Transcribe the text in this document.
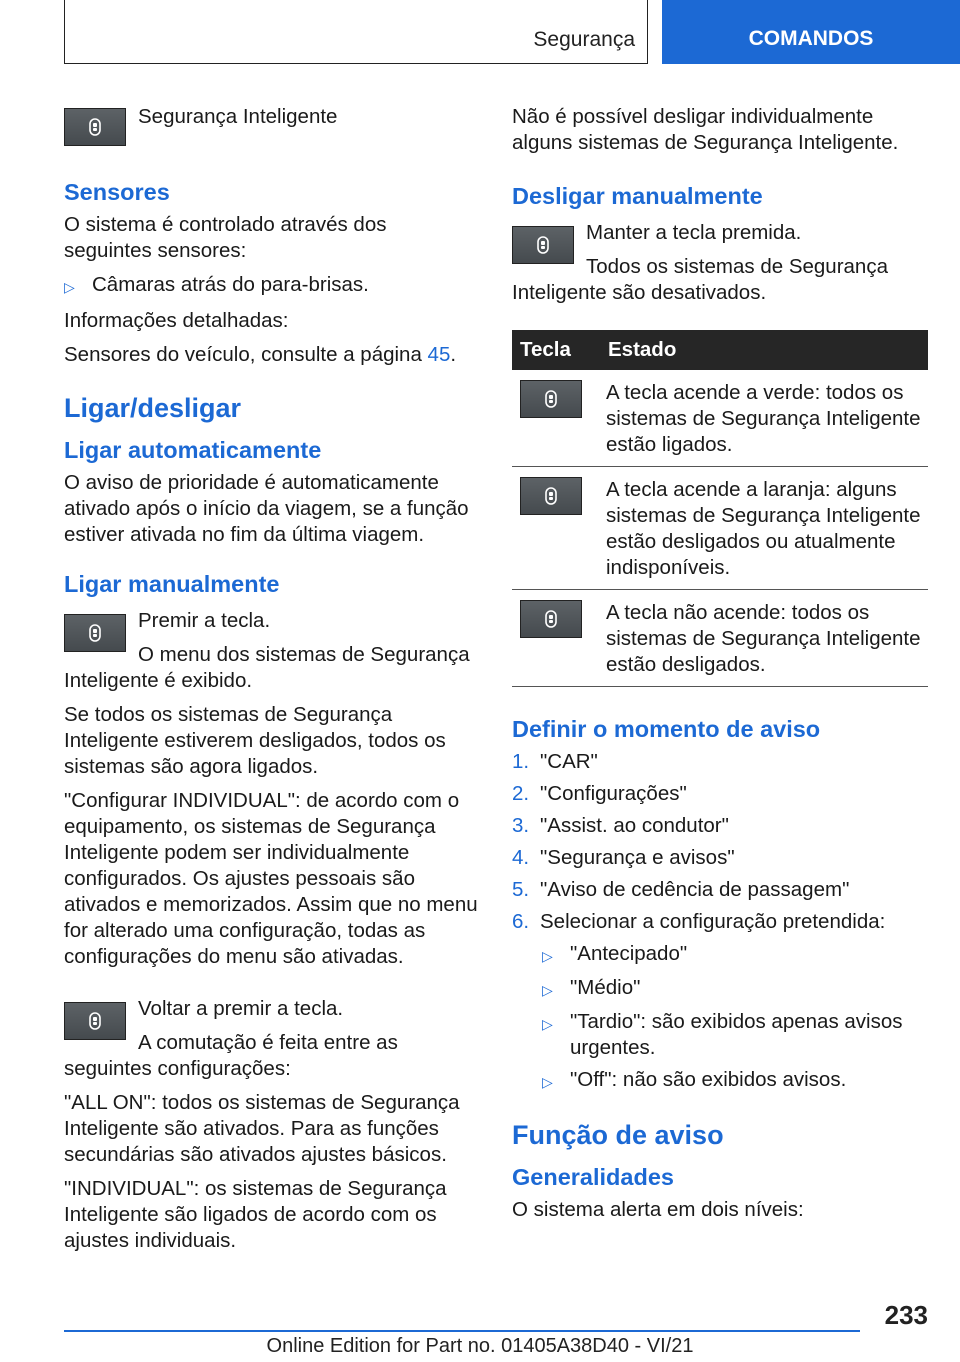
Segurança	COMANDOS

Segurança Inteligente

Sensores

O sistema é controlado através dos seguintes sensores:

▷ Câmaras atrás do para-brisas.

Informações detalhadas:

Sensores do veículo, consulte a página 45.

Ligar/desligar
Ligar automaticamente

O aviso de prioridade é automaticamente ativado após o início da viagem, se a função estiver ativada no fim da última viagem.

Ligar manualmente

Premir a tecla.

O menu dos sistemas de Segurança Inteligente é exibido.

Se todos os sistemas de Segurança Inteligente estiverem desligados, todos os sistemas são agora ligados.

"Configurar INDIVIDUAL": de acordo com o equipamento, os sistemas de Segurança Inteligente podem ser individualmente configurados. Os ajustes pessoais são ativados e memorizados. Assim que no menu for alterado uma configuração, todas as configurações do menu são ativadas.

Voltar a premir a tecla.

A comutação é feita entre as seguintes configurações:

"ALL ON": todos os sistemas de Segurança Inteligente são ativados. Para as funções secundárias são ativados ajustes básicos.

"INDIVIDUAL": os sistemas de Segurança Inteligente são ligados de acordo com os ajustes individuais.

Não é possível desligar individualmente alguns sistemas de Segurança Inteligente.

Desligar manualmente

Manter a tecla premida.

Todos os sistemas de Segurança Inteligente são desativados.

Tecla	Estado

	A tecla acende a verde: todos os sistemas de Segurança Inteligente estão ligados.

	A tecla acende a laranja: alguns sistemas de Segurança Inteligente estão desligados ou atualmente indisponíveis.

	A tecla não acende: todos os sistemas de Segurança Inteligente estão desligados.
Definir o momento de aviso
1. "CAR"
2. "Configurações"
3. "Assist. ao condutor"
4. "Segurança e avisos"
5. "Aviso de cedência de passagem"
6. Selecionar a configuração pretendida:
▷ "Antecipado"
▷ "Médio"
▷ "Tardio": são exibidos apenas avisos urgentes.
▷ "Off": não são exibidos avisos.
Função de aviso
Generalidades

O sistema alerta em dois níveis:

233
Online Edition for Part no. 01405A38D40 - VI/21
